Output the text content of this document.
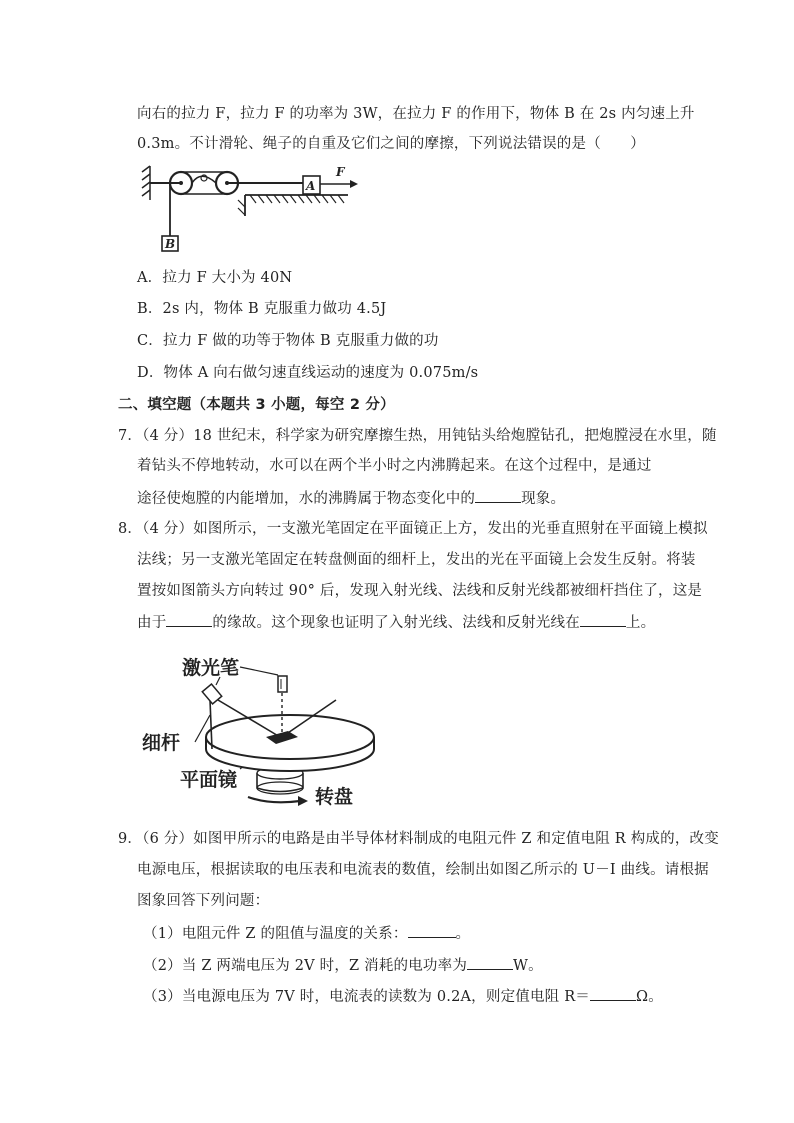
向右的拉力 F，拉力 F 的功率为 3W，在拉力 F 的作用下，物体 B 在 2s 内匀速上升
0.3m。不计滑轮、绳子的自重及它们之间的摩擦，下列说法错误的是（　　）
B
A
F
A．拉力 F 大小为 40N
B．2s 内，物体 B 克服重力做功 4.5J
C．拉力 F 做的功等于物体 B 克服重力做的功
D．物体 A 向右做匀速直线运动的速度为 0.075m/s
二、填空题（本题共 3 小题，每空 2 分）
7．（4 分）18 世纪末，科学家为研究摩擦生热，用钝钻头给炮膛钻孔，把炮膛浸在水里，随
着钻头不停地转动，水可以在两个半小时之内沸腾起来。在这个过程中，是通过
途径使炮膛的内能增加，水的沸腾属于物态变化中的	现象。
8．（4 分）如图所示，一支激光笔固定在平面镜正上方，发出的光垂直照射在平面镜上模拟
法线；另一支激光笔固定在转盘侧面的细杆上，发出的光在平面镜上会发生反射。将装
置按如图箭头方向转过 90° 后，发现入射光线、法线和反射光线都被细杆挡住了，这是
由于	的缘故。这个现象也证明了入射光线、法线和反射光线在	上。
激光笔
细杆
平面镜
转盘
9．（6 分）如图甲所示的电路是由半导体材料制成的电阻元件 Z 和定值电阻 R 构成的，改变
电源电压，根据读取的电压表和电流表的数值，绘制出如图乙所示的 U－I 曲线。请根据
图象回答下列问题：
（1）电阻元件 Z 的阻值与温度的关系：	。
（2）当 Z 两端电压为 2V 时，Z 消耗的电功率为	W。
（3）当电源电压为 7V 时，电流表的读数为 0.2A，则定值电阻 R＝	Ω。
